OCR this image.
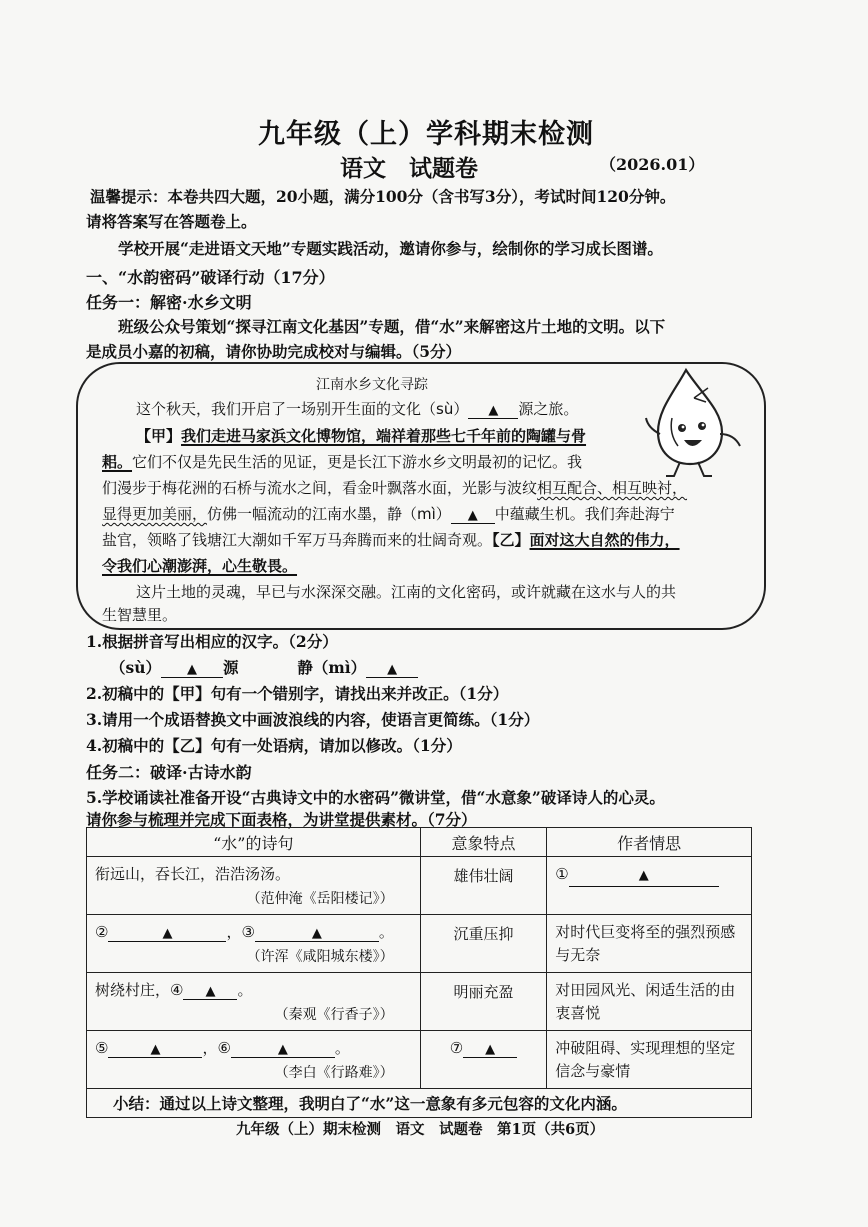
九年级（上）学科期末检测
语文　试题卷	（2026.01）
温馨提示：本卷共四大题，20小题，满分100分（含书写3分），考试时间120分钟。
请将答案写在答题卷上。
学校开展“走进语文天地”专题实践活动，邀请你参与，绘制你的学习成长图谱。
一、“水韵密码”破译行动（17分）
任务一：解密·水乡文明
班级公众号策划“探寻江南文化基因”专题，借“水”来解密这片土地的文明。以下
是成员小嘉的初稿，请你协助完成校对与编辑。（5分）
江南水乡文化寻踪
这个秋天，我们开启了一场别开生面的文化（sù） ▲ 源之旅。
【甲】我们走进马家浜文化博物馆，端祥着那些七千年前的陶罐与骨
耜。它们不仅是先民生活的见证，更是长江下游水乡文明最初的记忆。我
们漫步于梅花洲的石桥与流水之间，看金叶飘落水面，光影与波纹相互配合、相互映衬，
显得更加美丽，仿佛一幅流动的江南水墨，静（mì） ▲ 中蕴藏生机。我们奔赴海宁
盐官，领略了钱塘江大潮如千军万马奔腾而来的壮阔奇观。【乙】面对这大自然的伟力，
令我们心潮澎湃，心生敬畏。
这片土地的灵魂，早已与水深深交融。江南的文化密码，或许就藏在这水与人的共
生智慧里。
1.根据拼音写出相应的汉字。（2分）
（sù） ▲ 源	静（mì） ▲
2.初稿中的【甲】句有一个错别字，请找出来并改正。（1分）
3.请用一个成语替换文中画波浪线的内容，使语言更简练。（1分）
4.初稿中的【乙】句有一处语病，请加以修改。（1分）
任务二：破译·古诗水韵
5.学校诵读社准备开设“古典诗文中的水密码”微讲堂，借“水意象”破译诗人的心灵。
请你参与梳理并完成下面表格，为讲堂提供素材。（7分）
“水”的诗句	意象特点	作者情思

衔远山，吞长江，浩浩汤汤。
（范仲淹《岳阳楼记》）	雄伟壮阔	① ▲

② ▲ ，③ ▲ 。
（许浑《咸阳城东楼》）	沉重压抑	对时代巨变将至的强烈预感与无奈

树绕村庄，④ ▲ 。
（秦观《行香子》）	明丽充盈	对田园风光、闲适生活的由衷喜悦

⑤ ▲ ，⑥ ▲ 。
（李白《行路难》）	⑦ ▲	冲破阻碍、实现理想的坚定信念与豪情

小结：通过以上诗文整理，我明白了“水”这一意象有多元包容的文化内涵。		
九年级（上）期末检测　语文　试题卷　第1页（共6页）
